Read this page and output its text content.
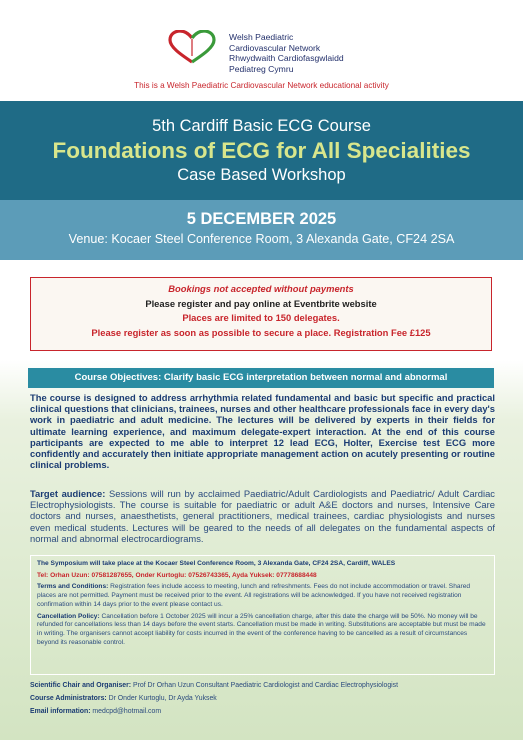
Welsh Paediatric
Cardiovascular Network
Rhwydwaith Cardiofasgwlaidd
Pediatreg Cymru
This is a Welsh Paediatric Cardiovascular Network educational activity
5th Cardiff Basic ECG Course
Foundations of ECG for All Specialities
Case Based Workshop
5 DECEMBER 2025
Venue: Kocaer Steel Conference Room, 3 Alexanda Gate, CF24 2SA
Bookings not accepted without payments
Please register and pay online at Eventbrite website
Places are limited to 150 delegates.
Please register as soon as possible to secure a place. Registration Fee £125
Course Objectives: Clarify basic ECG interpretation between normal and abnormal
The course is designed to address arrhythmia related fundamental and basic but specific and practical clinical questions that clinicians, trainees, nurses and other healthcare professionals face in every day's work in paediatric and adult medicine. The lectures will be delivered by experts in their fields for ultimate learning experience, and maximum delegate-expert interaction. At the end of this course participants are expected to me able to interpret 12 lead ECG, Holter, Exercise test ECG more confidently and accurately then initiate appropriate management action on acutely presenting or routine clinical problems.
Target audience: Sessions will run by acclaimed Paediatric/Adult Cardiologists and Paediatric/ Adult Cardiac Electrophysiologists. The course is suitable for paediatric or adult A&E doctors and nurses, Intensive Care doctors and nurses, anaesthetists, general practitioners, medical trainees, cardiac physiologists and nurses even medical students. Lectures will be geared to the needs of all delegates on the fundamental aspects of normal and abnormal electrocardiograms.

The Symposium will take place at the Kocaer Steel Conference Room, 3 Alexanda Gate, CF24 2SA, Cardiff, WALES

Tel: Orhan Uzun: 07581287655, Onder Kurtoglu: 07526743365, Ayda Yuksek: 07778688448

Terms and Conditions: Registration fees include access to meeting, lunch and refreshments. Fees do not include accommodation or travel. Shared places are not permitted. Payment must be received prior to the event. All registrations will be acknowledged. If you have not received registration confirmation within 14 days prior to the event please contact us.

Cancellation Policy: Cancellation before 1 October 2025 will incur a 25% cancellation charge, after this date the charge will be 50%. No money will be refunded for cancellations less than 14 days before the event starts. Cancellation must be made in writing. Substitutions are acceptable but must be made in writing. The organisers cannot accept liability for costs incurred in the event of the conference having to be cancelled as a result of circumstances beyond its reasonable control.

Scientific Chair and Organiser: Prof Dr Orhan Uzun Consultant Paediatric Cardiologist and Cardiac Electrophysiologist
Course Administrators: Dr Onder Kurtoglu, Dr Ayda Yuksek
Email information: medcpd@hotmail.com
